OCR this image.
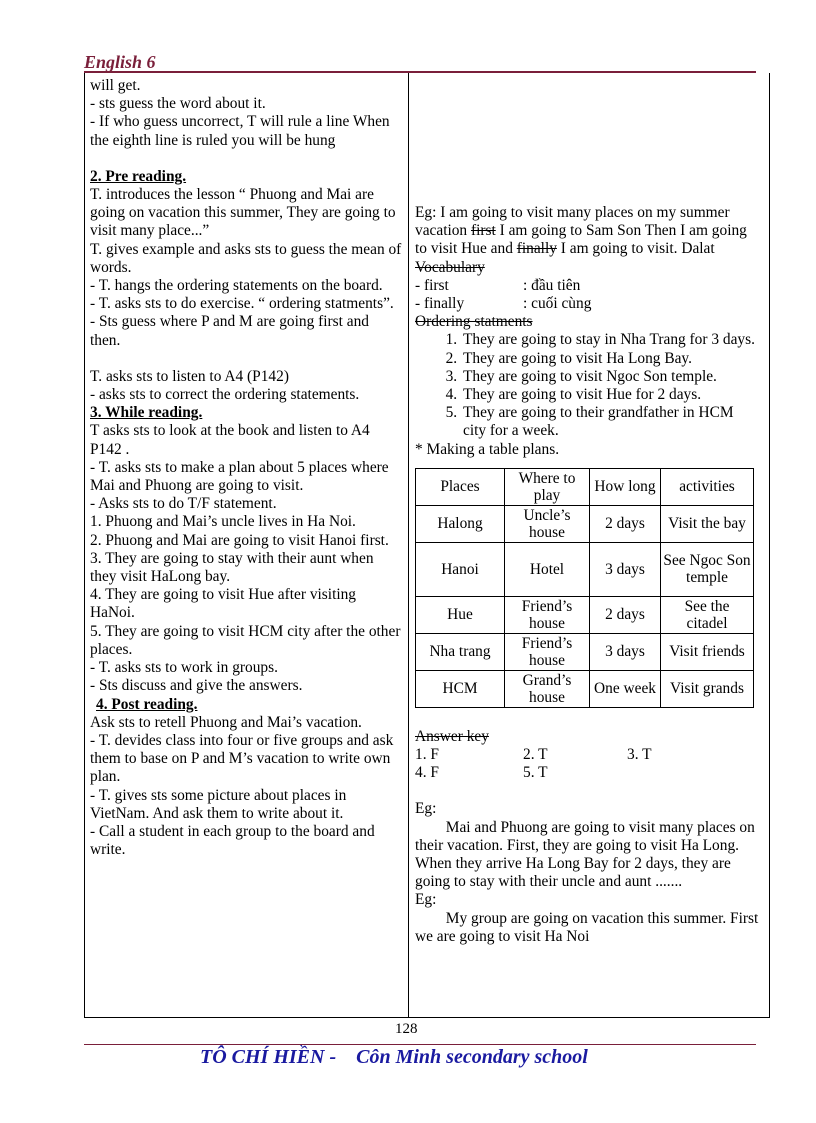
English 6

will get.

- sts guess the word about it.

- If who guess uncorrect, T will rule a line When the eighth line is ruled you will be hung

2. Pre reading.

T. introduces the lesson “ Phuong and Mai are going on vacation this summer, They are going to visit many place...”

T. gives example and asks sts to guess the mean of words.

- T. hangs the ordering statements on the board.

- T. asks sts to do exercise. “ ordering statments”.

- Sts guess where P and M are going first and then.

T. asks sts to listen to A4 (P142)

- asks sts to correct the ordering statements.

3. While reading.

T asks sts to look at the book and listen to A4 P142 .

- T. asks sts to make a plan about 5 places where Mai and Phuong are going to visit.

- Asks sts to do T/F statement.

1. Phuong and Mai’s uncle lives in Ha Noi.

2. Phuong and Mai are going to visit Hanoi first.

3. They are going to stay with their aunt when they visit HaLong bay.

4. They are going to visit Hue after visiting HaNoi.

5. They are going to visit HCM city after the other places.

- T. asks sts to work in groups.

- Sts discuss and give the answers.

4. Post reading.

Ask sts to retell Phuong and Mai’s vacation.

- T. devides class into four or five groups and ask them to base on P and M’s vacation to write own plan.

- T. gives sts some picture about places in VietNam. And ask them to write about it.

- Call a student in each group to the board and write.

Eg: I am going to visit many places on my summer vacation first I am going to Sam Son Then I am going to visit Hue and finally I am going to visit. Dalat

Vocabulary

- first	: đầu tiên
- finally	: cuối cùng

Ordering statments

1. They are going to stay in Nha Trang for 3 days.
2. They are going to visit Ha Long Bay.
3. They are going to visit Ngoc Son temple.
4. They are going to visit Hue for 2 days.
5. They are going to their grandfather in HCM city for a week.

* Making a table plans.

Places	Where to play	How long	activities
Halong	Uncle’s house	2 days	Visit the bay
Hanoi	Hotel	3 days	See Ngoc Son temple
Hue	Friend’s house	2 days	See the citadel
Nha trang	Friend’s house	3 days	Visit friends
HCM	Grand’s house	One week	Visit grands

Answer key

1. F	2. T	3. T
4. F	5. T

Eg:

Mai and Phuong are going to visit many places on their vacation. First, they are going to visit Ha Long. When they arrive Ha Long Bay for 2 days, they are going to stay with their uncle and aunt .......

Eg:

My group are going on vacation this summer. First we are going to visit Ha Noi

128
TÔ CHÍ HIỀN -    Côn Minh secondary school
